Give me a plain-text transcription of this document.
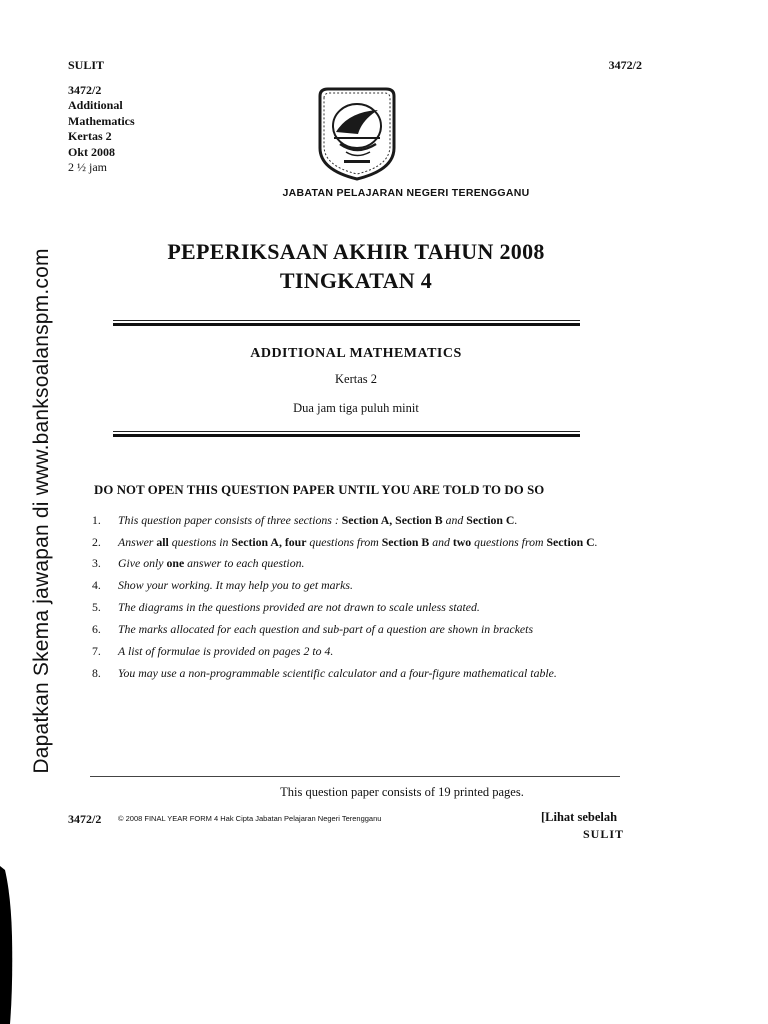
SULIT
3472/2
Additional
Mathematics
Kertas 2
Okt 2008
2 ½ jam
3472/2
JABATAN PELAJARAN NEGERI TERENGGANU
PEPERIKSAAN AKHIR TAHUN 2008
TINGKATAN 4
ADDITIONAL MATHEMATICS
Kertas 2
Dua jam tiga puluh minit
DO NOT OPEN THIS QUESTION PAPER UNTIL YOU ARE TOLD TO DO SO
1.	This question paper consists of three sections : Section A, Section B and Section C.
2.	Answer all questions in Section A, four questions from Section B and two questions from Section C.
3.	Give only one answer to each question.
4.	Show your working. It may help you to get marks.
5.	The diagrams in the questions provided are not drawn to scale unless stated.
6.	The marks allocated for each question and sub-part of a question are shown in brackets
7.	A list of formulae is provided on pages 2 to 4.
8.	You may use a non-programmable scientific calculator and a four-figure mathematical table.
This question paper consists of 19 printed pages.
3472/2 © 2008 FINAL YEAR FORM 4 Hak Cipta Jabatan Pelajaran Negeri Terengganu	[Lihat sebelah
SULIT
Dapatkan Skema jawapan di www.banksoalanspm.com
